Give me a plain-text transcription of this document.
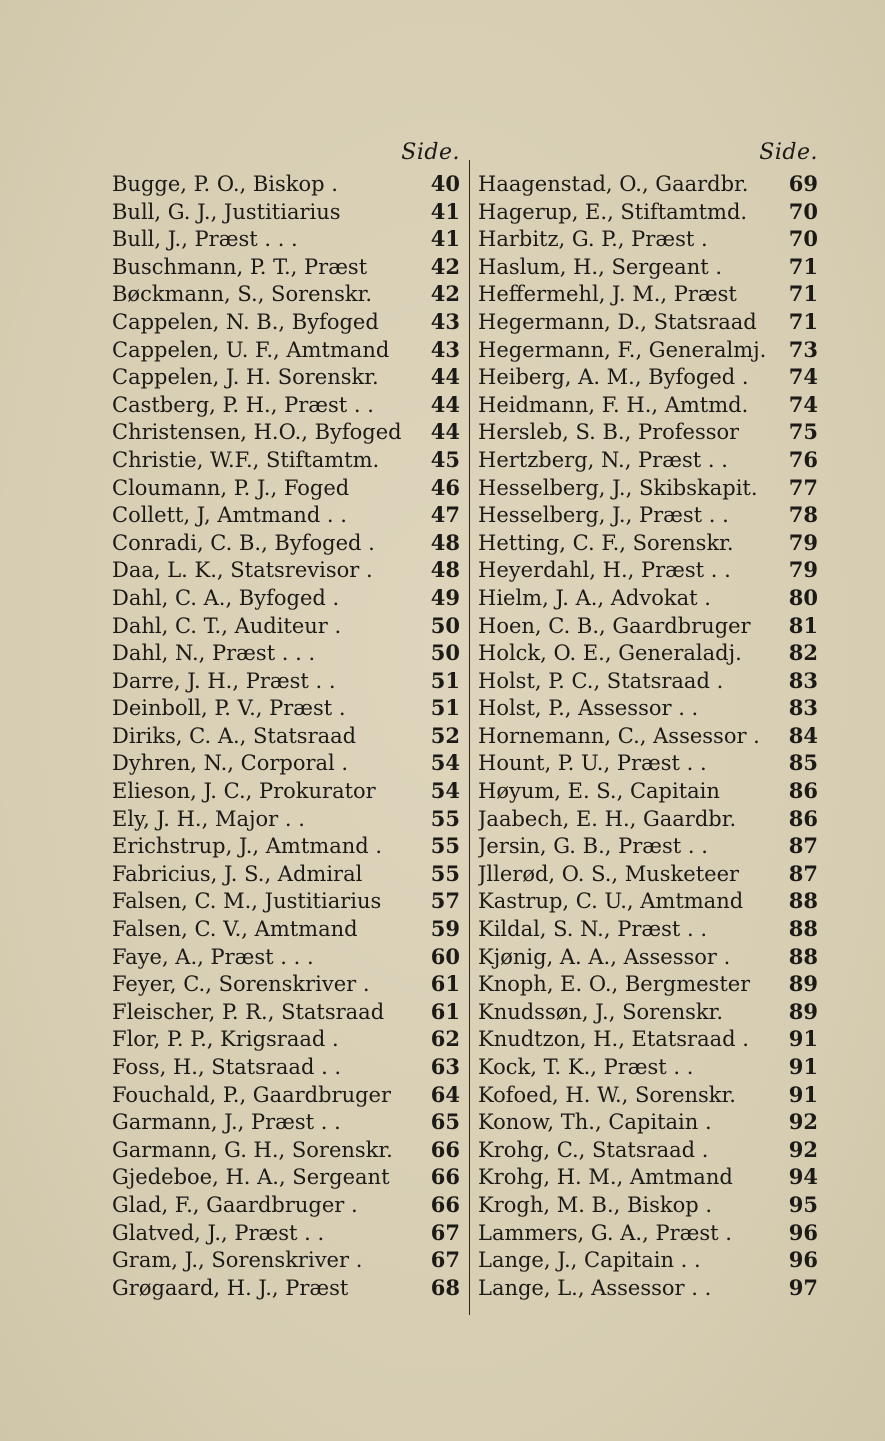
Side.
Bugge, P. O., Biskop .	40
Bull, G. J., Justitiarius	41
Bull, J., Præst . . .	41
Buschmann, P. T., Præst	42
Bøckmann, S., Sorenskr.	42
Cappelen, N. B., Byfoged 43
Cappelen, U. F., Amtmand 43
Cappelen, J. H. Sorenskr. 44
Castberg, P. H., Præst . .	44
Christensen, H.O., Byfoged 44
Christie, W.F., Stiftamtm. 45
Cloumann, P. J., Foged	46
Collett, J, Amtmand . .	47
Conradi, C. B., Byfoged .	48
Daa, L. K., Statsrevisor .	48
Dahl, C. A., Byfoged .	49
Dahl, C. T., Auditeur .	50
Dahl, N., Præst . . .	50
Darre, J. H., Præst . .	51
Deinboll, P. V., Præst .	51
Diriks, C. A., Statsraad	52
Dyhren, N., Corporal .	54
Elieson, J. C., Prokurator	54
Ely, J. H., Major . .	55
Erichstrup, J., Amtmand . 55
Fabricius, J. S., Admiral	55
Falsen, C. M., Justitiarius 57
Falsen, C. V., Amtmand	59
Faye, A., Præst . . .	60
Feyer, C., Sorenskriver .	61
Fleischer, P. R., Statsraad 61
Flor, P. P., Krigsraad .	62
Foss, H., Statsraad . .	63
Fouchald, P., Gaardbruger 64
Garmann, J., Præst . .	65
Garmann, G. H., Sorenskr. 66
Gjedeboe, H. A., Sergeant 66
Glad, F., Gaardbruger .	66
Glatved, J., Præst . .	67
Gram, J., Sorenskriver .	67
Grøgaard, H. J., Præst	68
Side.
Haagenstad, O., Gaardbr. 69
Hagerup, E., Stiftamtmd. 70
Harbitz, G. P., Præst .	70
Haslum, H., Sergeant .	71
Heffermehl, J. M., Præst 71
Hegermann, D., Statsraad 71
Hegermann, F., Generalmj. 73
Heiberg, A. M., Byfoged . 74
Heidmann, F. H., Amtmd. 74
Hersleb, S. B., Professor 75
Hertzberg, N., Præst . .	76
Hesselberg, J., Skibskapit. 77
Hesselberg, J., Præst . .	78
Hetting, C. F., Sorenskr.	79
Heyerdahl, H., Præst . .	79
Hielm, J. A., Advokat .	80
Hoen, C. B., Gaardbruger 81
Holck, O. E., Generaladj. 82
Holst, P. C., Statsraad .	83
Holst, P., Assessor . .	83
Hornemann, C., Assessor . 84
Hount, P. U., Præst . .	85
Høyum, E. S., Capitain	86
Jaabech, E. H., Gaardbr.	86
Jersin, G. B., Præst . .	87
Jllerød, O. S., Musketeer 87
Kastrup, C. U., Amtmand 88
Kildal, S. N., Præst . .	88
Kjønig, A. A., Assessor .	88
Knoph, E. O., Bergmester 89
Knudssøn, J., Sorenskr.	89
Knudtzon, H., Etatsraad . 91
Kock, T. K., Præst . .	91
Kofoed, H. W., Sorenskr.	91
Konow, Th., Capitain .	92
Krohg, C., Statsraad .	92
Krohg, H. M., Amtmand	94
Krogh, M. B., Biskop .	95
Lammers, G. A., Præst .	96
Lange, J., Capitain . .	96
Lange, L., Assessor . .	97
